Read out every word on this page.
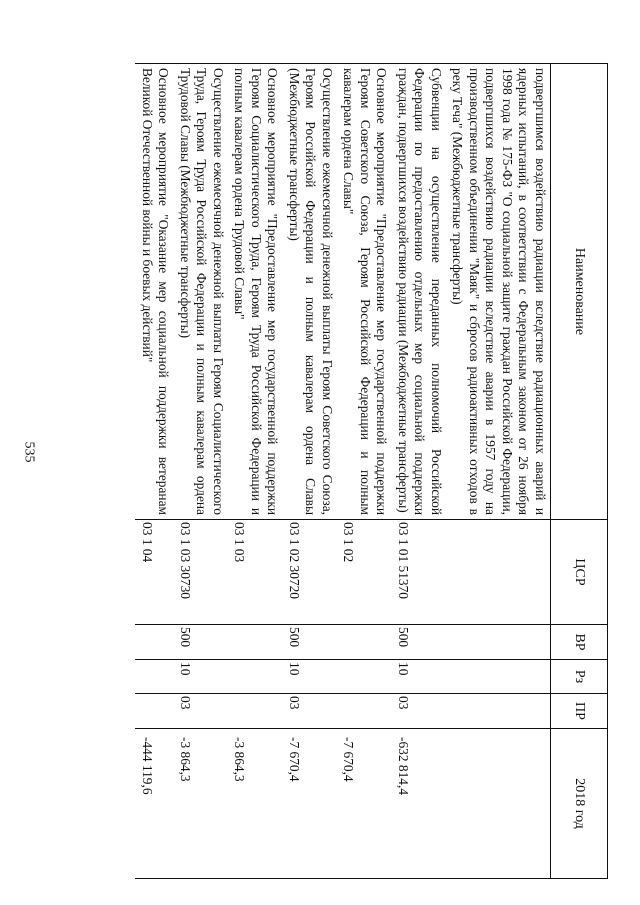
535
Наименование	ЦСР	ВР	Рз	ПР	2018 год
подвергшимся воздействию радиации вследствие радиационных аварий и ядерных испытаний, в соответствии с Федеральным законом от 26 ноября 1998 года № 175-ФЗ "О социальной защите граждан Российской Федерации, подвергшихся воздействию радиации вследствие аварии в 1957 году на производственном объединении "Маяк" и сбросов радиоактивных отходов в реку Теча" (Межбюджетные трансферты)					
Субвенции на осуществление переданных полномочий Российской Федерации по предоставлению отдельных мер социальной поддержки граждан, подвергшихся воздействию радиации (Межбюджетные трансферты)	03 1 01 51370	500	10	03	-632 814,4
Основное мероприятие "Предоставление мер государственной поддержки Героям Советского Союза, Героям Российской Федерации и полным кавалерам ордена Славы"	03 1 02				-7 670,4
Осуществление ежемесячной денежной выплаты Героям Советского Союза, Героям Российской Федерации и полным кавалерам ордена Славы (Межбюджетные трансферты)	03 1 02 30720	500	10	03	-7 670,4
Основное мероприятие "Предоставление мер государственной поддержки Героям Социалистического Труда, Героям Труда Российской Федерации и полным кавалерам ордена Трудовой Славы"	03 1 03				-3 864,3
Осуществление ежемесячной денежной выплаты Героям Социалистического Труда, Героям Труда Российской Федерации и полным кавалерам ордена Трудовой Славы (Межбюджетные трансферты)	03 1 03 30730	500	10	03	-3 864,3
Основное мероприятие "Оказание мер социальной поддержки ветеранам Великой Отечественной войны и боевых действий"	03 1 04				-444 119,6
